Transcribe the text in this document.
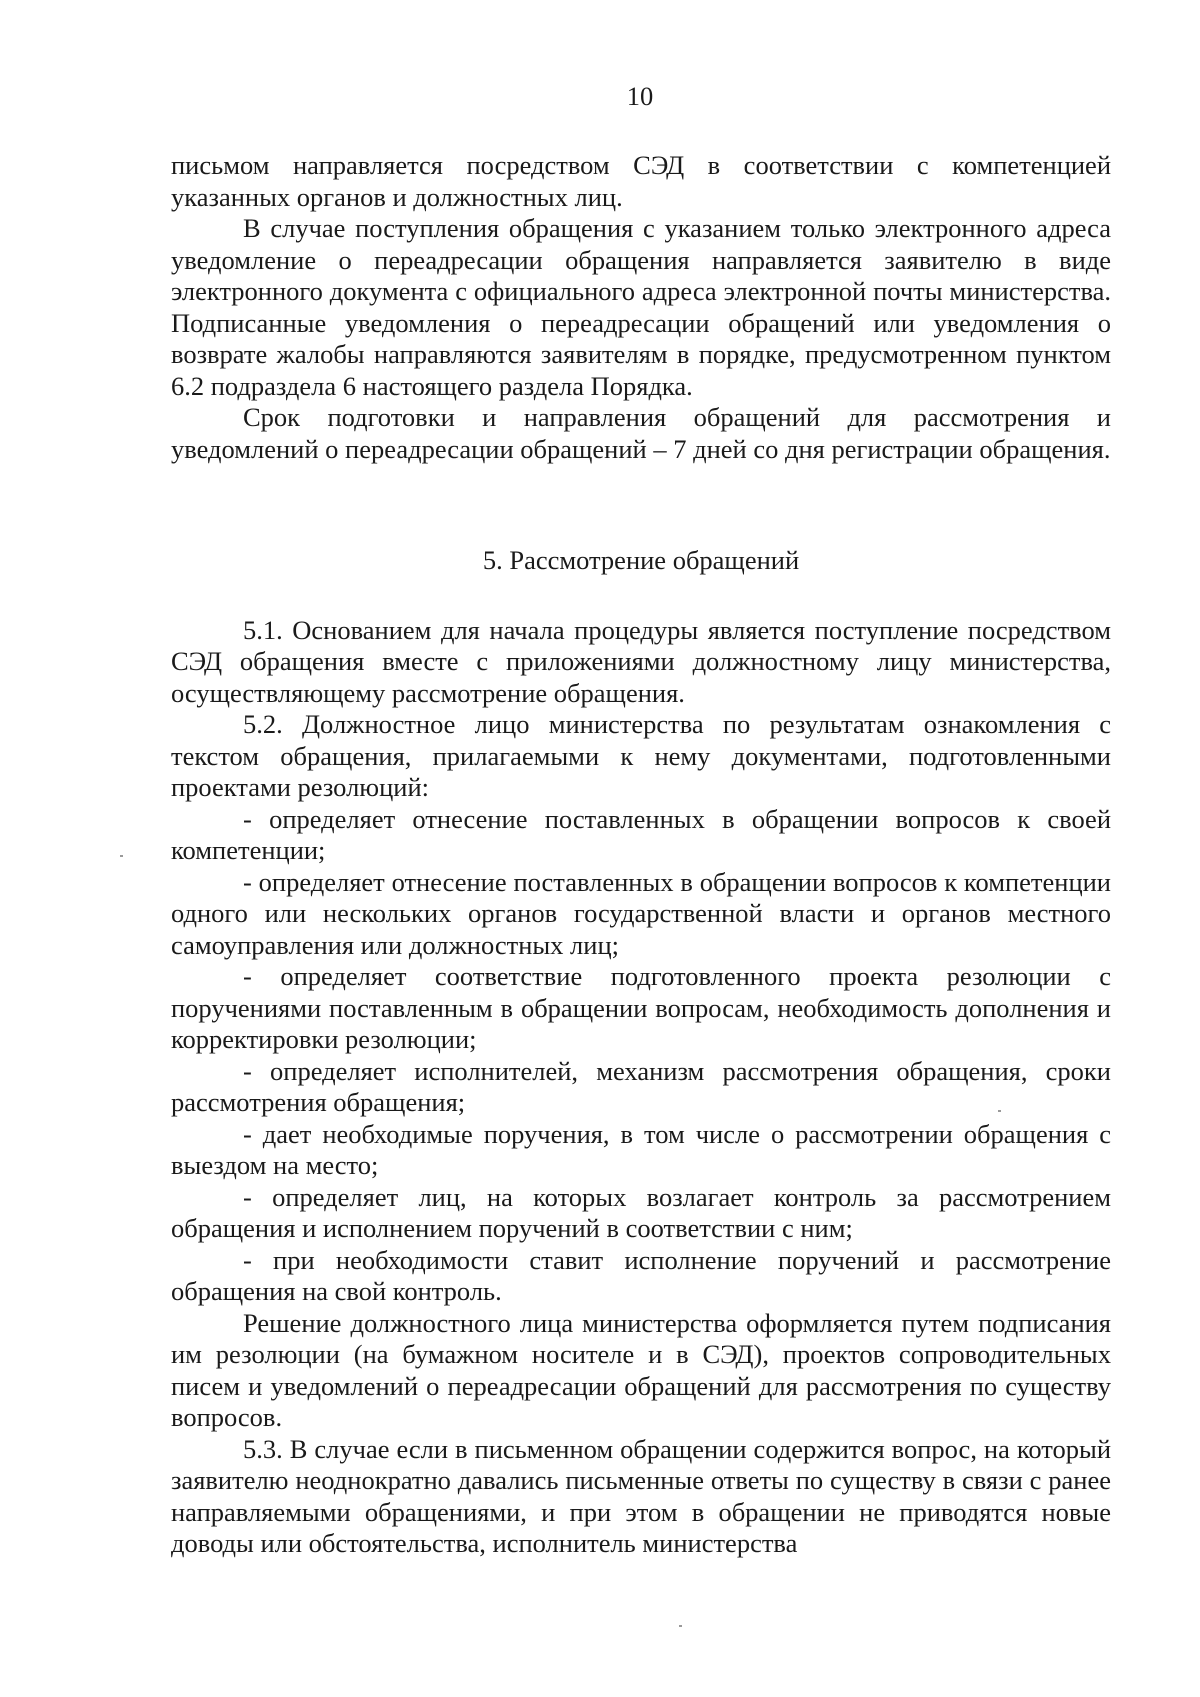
10

письмом направляется посредством СЭД в соответствии с компетенцией указанных органов и должностных лиц.

В случае поступления обращения с указанием только электронного адреса уведомление о переадресации обращения направляется заявителю в виде электронного документа с официального адреса электронной почты министерства. Подписанные уведомления о переадресации обращений или уведомления о возврате жалобы направляются заявителям в порядке, предусмотренном пунктом 6.2 подраздела 6 настоящего раздела Порядка.

Срок подготовки и направления обращений для рассмотрения и уведомлений о переадресации обращений – 7 дней со дня регистрации обращения.

5. Рассмотрение обращений

5.1. Основанием для начала процедуры является поступление посредством СЭД обращения вместе с приложениями должностному лицу министерства, осуществляющему рассмотрение обращения.

5.2. Должностное лицо министерства по результатам ознакомления с текстом обращения, прилагаемыми к нему документами, подготовленными проектами резолюций:

- определяет отнесение поставленных в обращении вопросов к своей компетенции;

- определяет отнесение поставленных в обращении вопросов к компетенции одного или нескольких органов государственной власти и органов местного самоуправления или должностных лиц;

- определяет соответствие подготовленного проекта резолюции с поручениями поставленным в обращении вопросам, необходимость дополнения и корректировки резолюции;

- определяет исполнителей, механизм рассмотрения обращения, сроки рассмотрения обращения;

- дает необходимые поручения, в том числе о рассмотрении обращения с выездом на место;

- определяет лиц, на которых возлагает контроль за рассмотрением обращения и исполнением поручений в соответствии с ним;

- при необходимости ставит исполнение поручений и рассмотрение обращения на свой контроль.

Решение должностного лица министерства оформляется путем подписания им резолюции (на бумажном носителе и в СЭД), проектов сопроводительных писем и уведомлений о переадресации обращений для рассмотрения по существу вопросов.

5.3. В случае если в письменном обращении содержится вопрос, на который заявителю неоднократно давались письменные ответы по существу в связи с ранее направляемыми обращениями, и при этом в обращении не приводятся новые доводы или обстоятельства, исполнитель министерства
